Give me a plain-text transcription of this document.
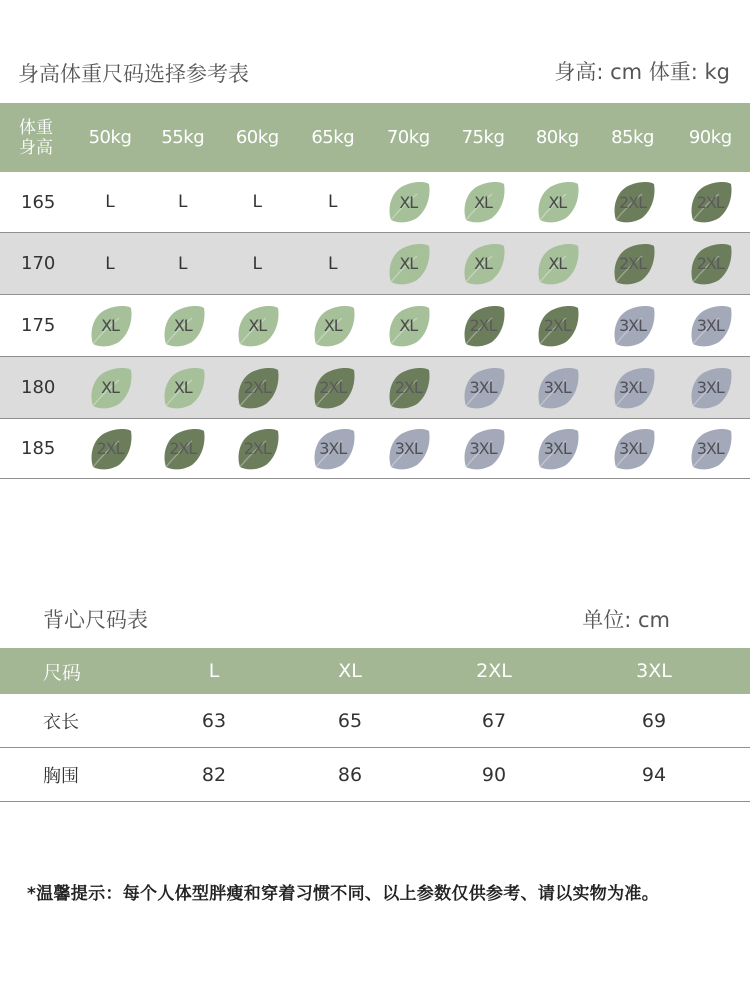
身高体重尺码选择参考表	身高: cm 体重: kg
体重
身高	50kg	55kg	60kg	65kg	70kg	75kg	80kg	85kg	90kg
165	L	L	L	L	XL	XL	XL	2XL	2XL
170	L	L	L	L	XL	XL	XL	2XL	2XL
175	XL	XL	XL	XL	XL	2XL	2XL	3XL	3XL
180	XL	XL	2XL	2XL	2XL	3XL	3XL	3XL	3XL
185	2XL	2XL	2XL	3XL	3XL	3XL	3XL	3XL	3XL
背心尺码表	单位: cm
尺码	L	XL	2XL	3XL
衣长	63	65	67	69
胸围	82	86	90	94
*温馨提示：每个人体型胖瘦和穿着习惯不同、以上参数仅供参考、请以实物为准。
